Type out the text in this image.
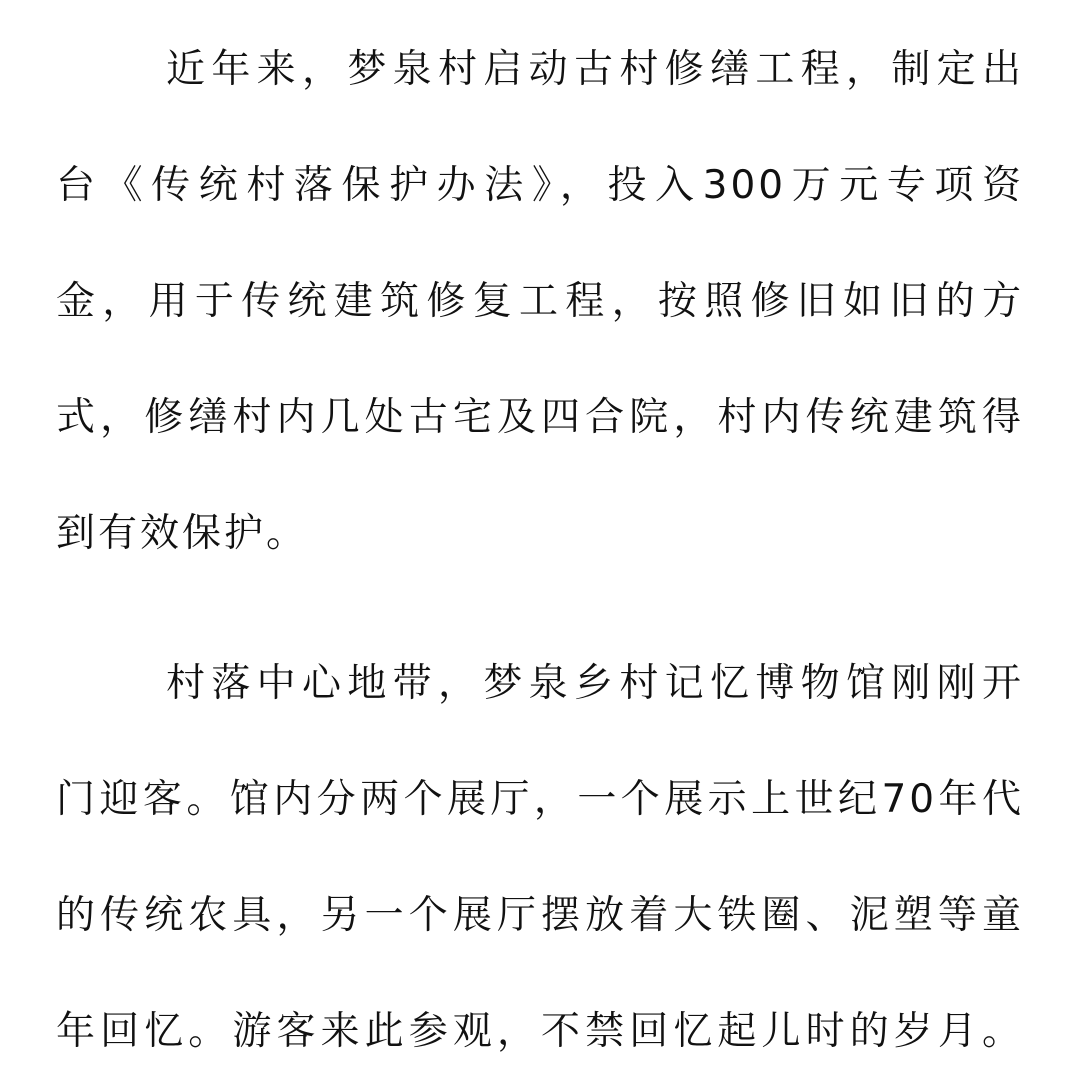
近年来，梦泉村启动古村修缮工程，制定出
台《传统村落保护办法》，投入300万元专项资
金，用于传统建筑修复工程，按照修旧如旧的方
式，修缮村内几处古宅及四合院，村内传统建筑得
到有效保护。
村落中心地带，梦泉乡村记忆博物馆刚刚开
门迎客。馆内分两个展厅，一个展示上世纪70年代
的传统农具，另一个展厅摆放着大铁圈、泥塑等童
年回忆。游客来此参观，不禁回忆起儿时的岁月。
